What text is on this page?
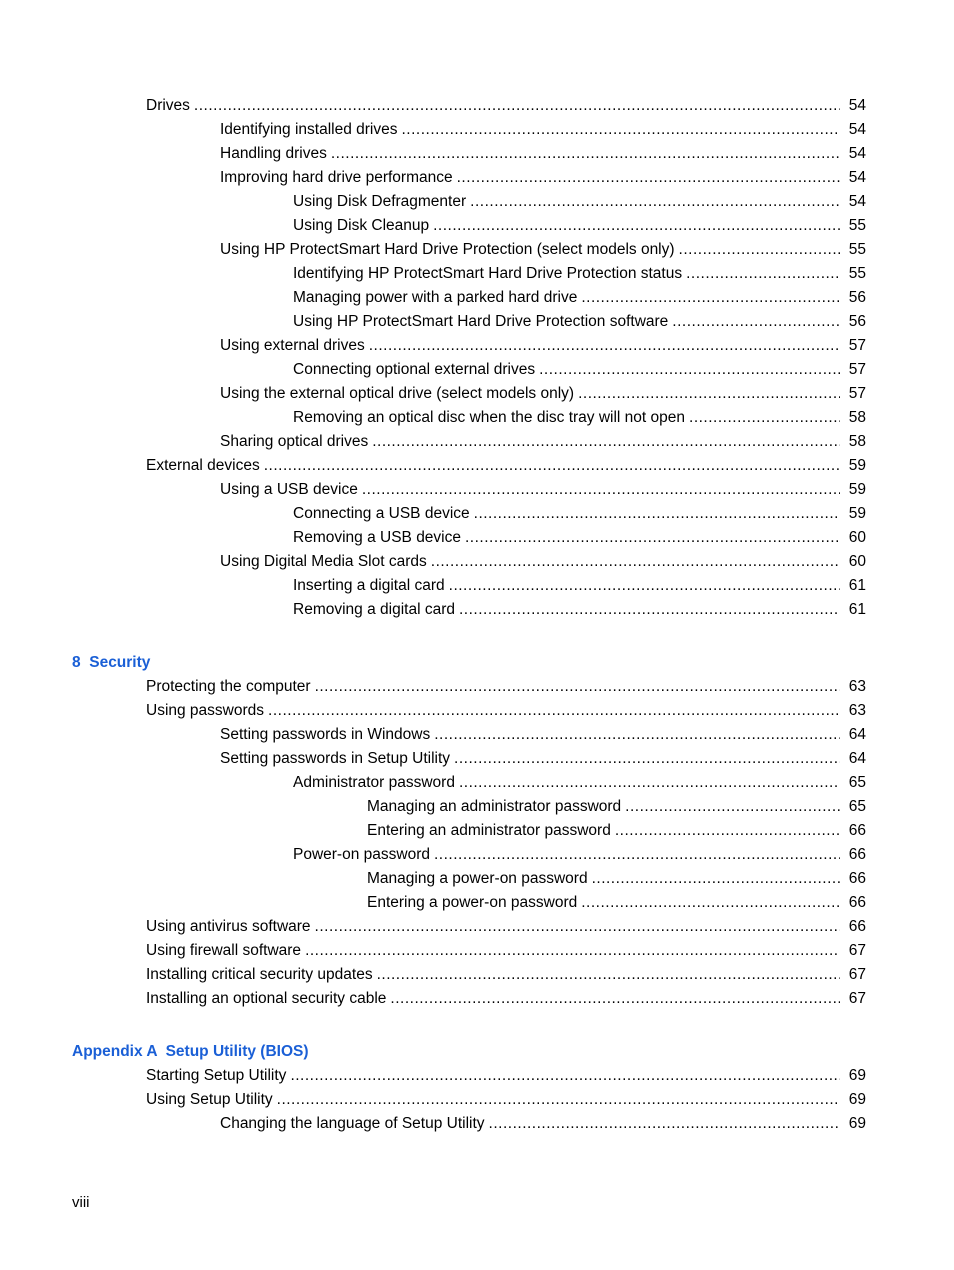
Drives .....	54
Identifying installed drives .....	54
Handling drives .....	54
Improving hard drive performance .....	54
Using Disk Defragmenter .....	54
Using Disk Cleanup .....	55
Using HP ProtectSmart Hard Drive Protection (select models only) .....	55
Identifying HP ProtectSmart Hard Drive Protection status .....	55
Managing power with a parked hard drive .....	56
Using HP ProtectSmart Hard Drive Protection software .....	56
Using external drives .....	57
Connecting optional external drives .....	57
Using the external optical drive (select models only) .....	57
Removing an optical disc when the disc tray will not open .....	58
Sharing optical drives .....	58
External devices .....	59
Using a USB device .....	59
Connecting a USB device .....	59
Removing a USB device .....	60
Using Digital Media Slot cards .....	60
Inserting a digital card .....	61
Removing a digital card .....	61
8  Security
Protecting the computer .....	63
Using passwords .....	63
Setting passwords in Windows .....	64
Setting passwords in Setup Utility .....	64
Administrator password .....	65
Managing an administrator password .....	65
Entering an administrator password .....	66
Power-on password .....	66
Managing a power-on password .....	66
Entering a power-on password .....	66
Using antivirus software .....	66
Using firewall software .....	67
Installing critical security updates .....	67
Installing an optional security cable .....	67
Appendix A  Setup Utility (BIOS)
Starting Setup Utility .....	69
Using Setup Utility .....	69
Changing the language of Setup Utility .....	69
viii
